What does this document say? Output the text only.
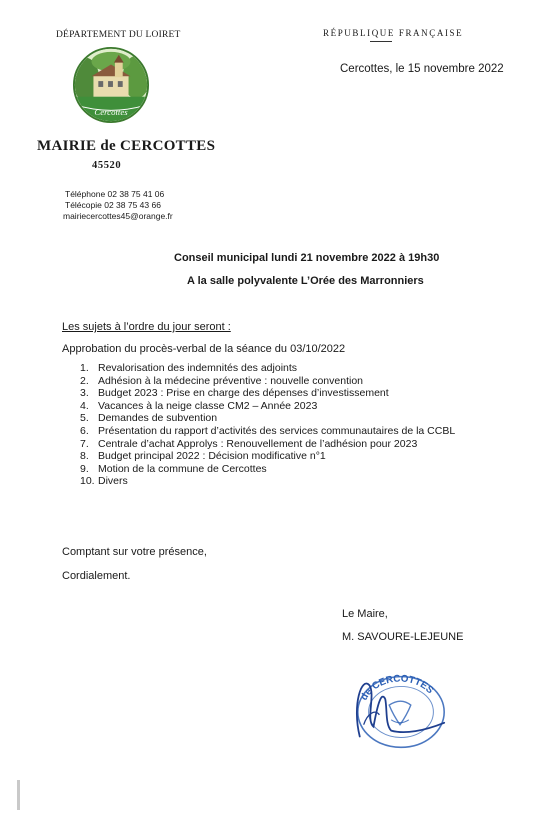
DÉPARTEMENT DU LOIRET	RÉPUBLIQUE FRANÇAISE
Cercottes, le 15 novembre 2022
Cercottes
MAIRIE de CERCOTTES
45520
Téléphone 02 38 75 41 06
Télécopie 02 38 75 43 66
mairiecercottes45@orange.fr
Conseil municipal lundi 21 novembre 2022 à 19h30
A la salle polyvalente L’Orée des Marronniers
Les sujets à l’ordre du jour seront :
Approbation du procès-verbal de la séance du 03/10/2022
1. Revalorisation des indemnités des adjoints
2. Adhésion à la médecine préventive : nouvelle convention
3. Budget 2023 : Prise en charge des dépenses d’investissement
4. Vacances à la neige classe CM2 – Année 2023
5. Demandes de subvention
6. Présentation du rapport d’activités des services communautaires de la CCBL
7. Centrale d’achat Approlys : Renouvellement de l’adhésion pour 2023
8. Budget principal 2022 : Décision modificative n°1
9. Motion de la commune de Cercottes
10. Divers
Comptant sur votre présence,
Cordialement.
Le Maire,
M. SAVOURE-LEJEUNE
de CERCOTTES
